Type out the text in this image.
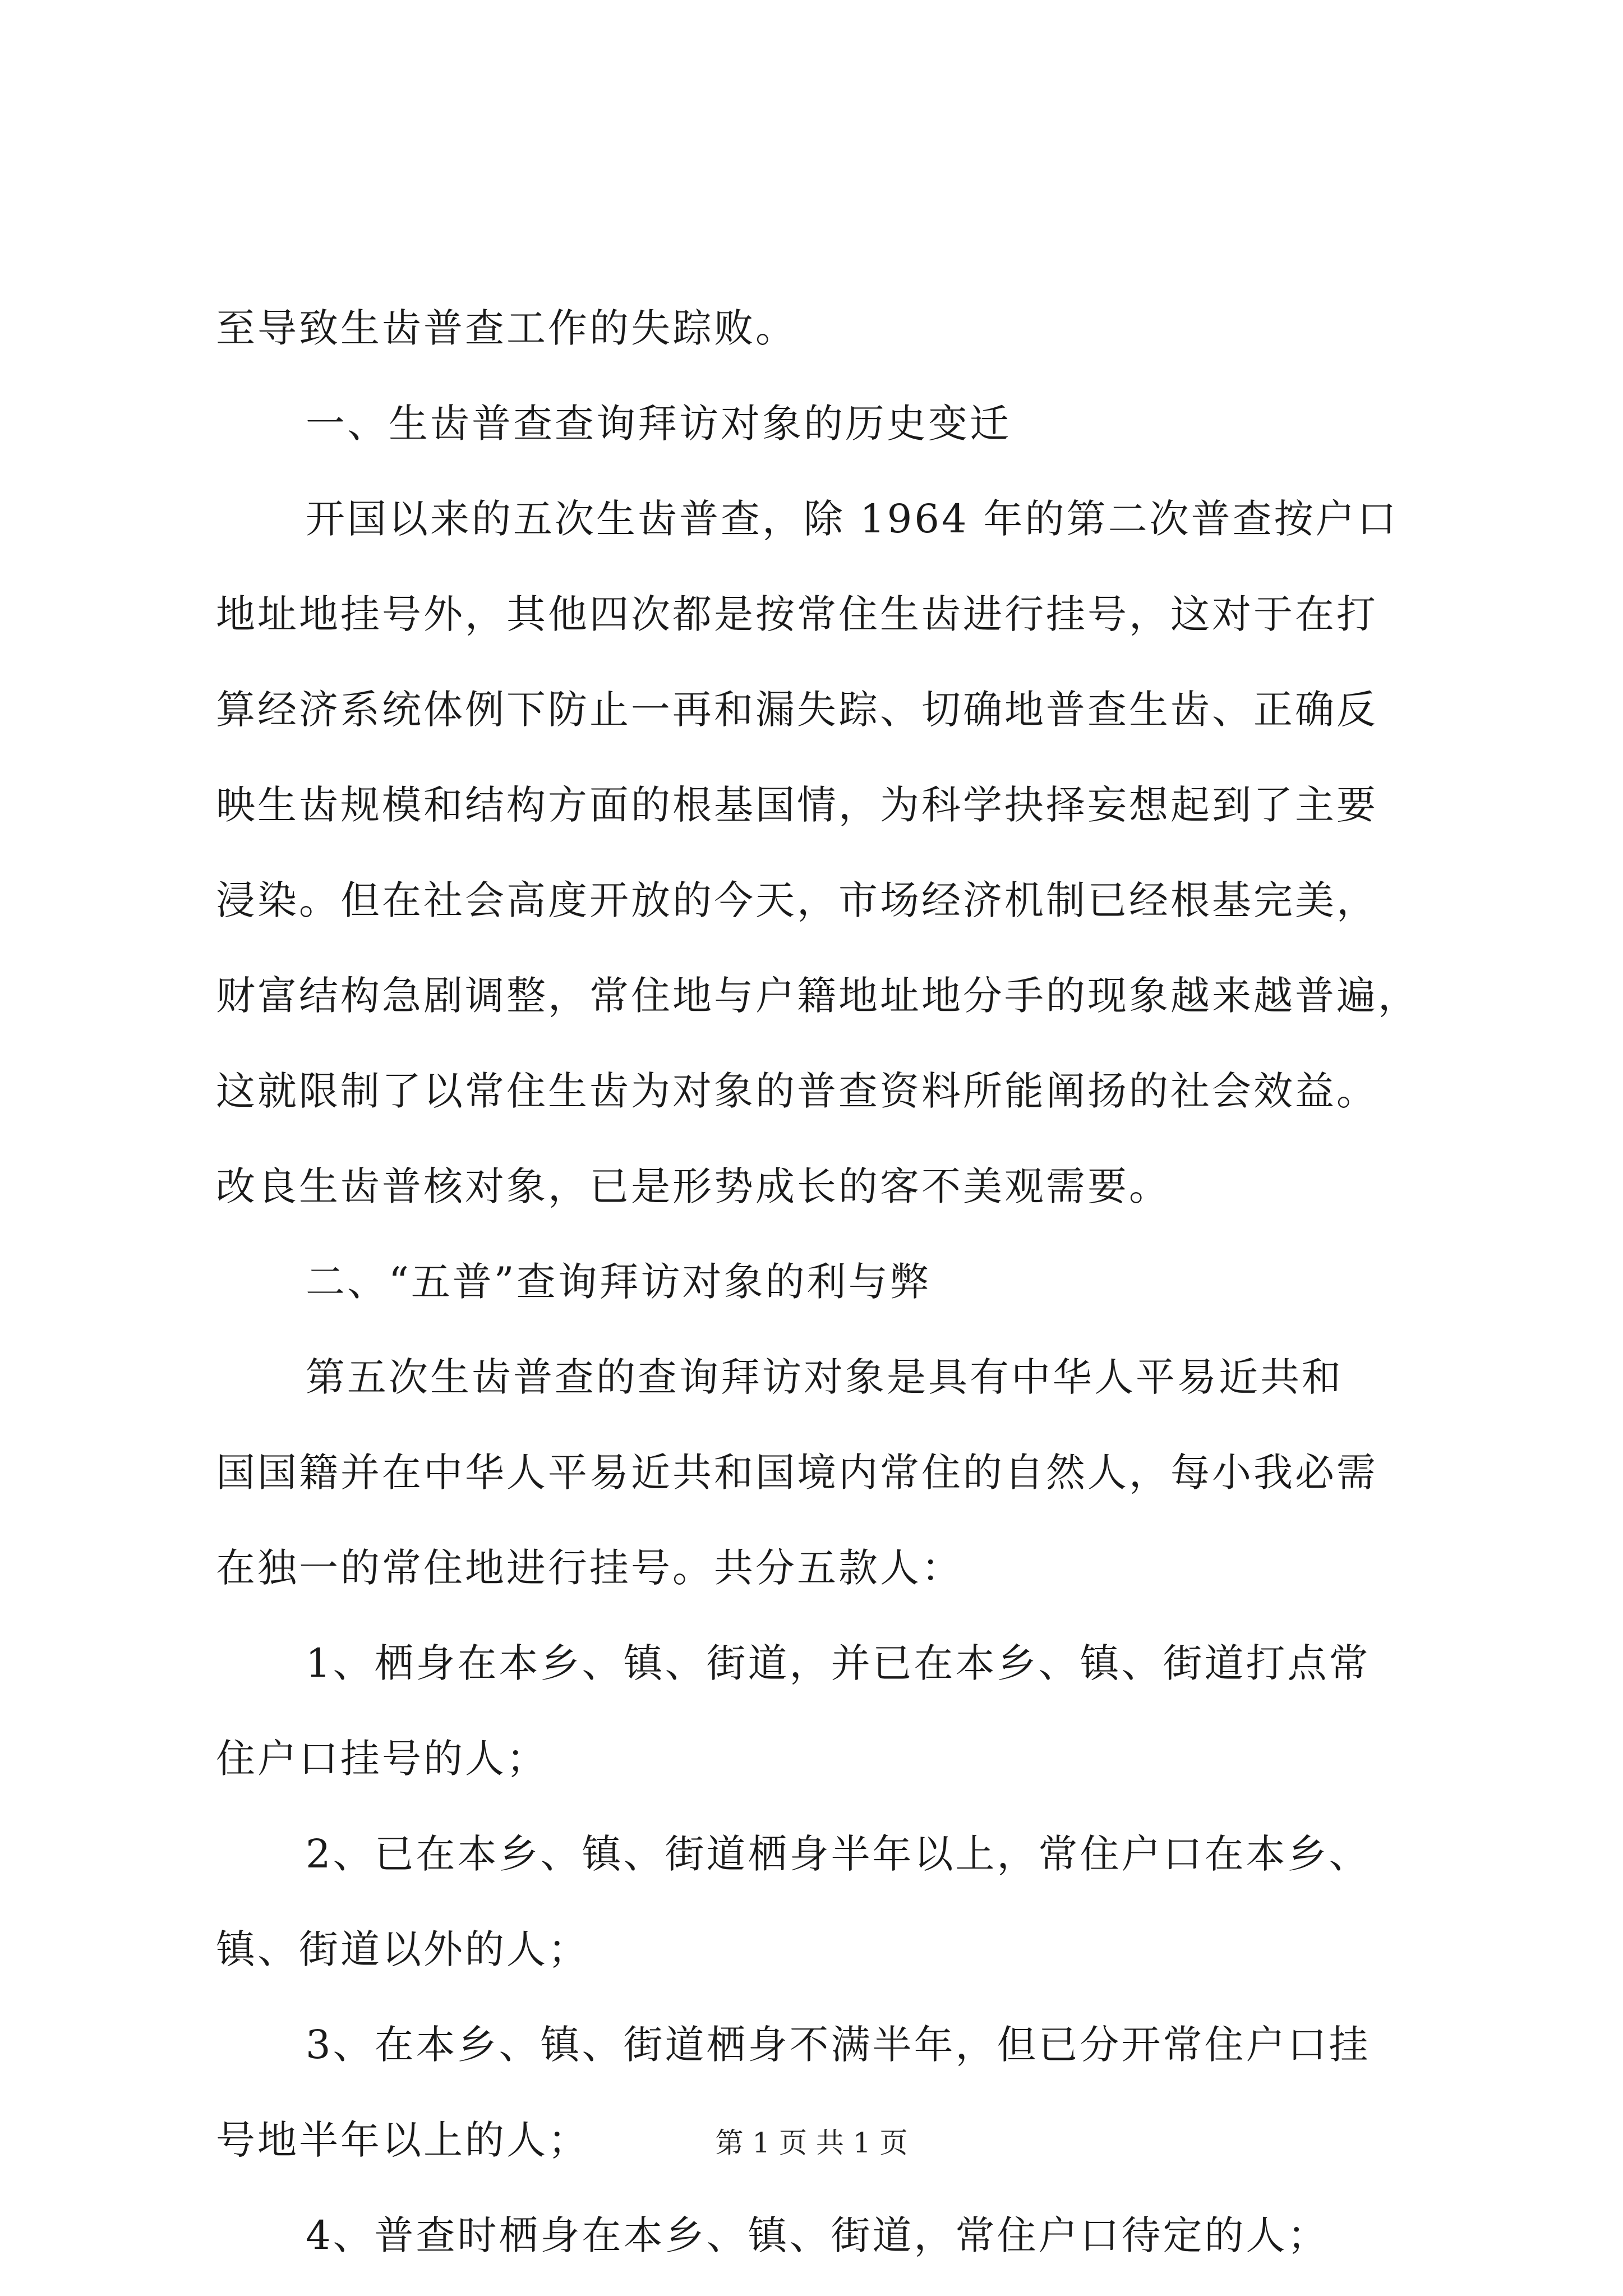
至导致生齿普查工作的失踪败。
一、生齿普查查询拜访对象的历史变迁
开国以来的五次生齿普查，除 1964 年的第二次普查按户口
地址地挂号外，其他四次都是按常住生齿进行挂号，这对于在打
算经济系统体例下防止一再和漏失踪、切确地普查生齿、正确反
映生齿规模和结构方面的根基国情，为科学抉择妄想起到了主要
浸染。但在社会高度开放的今天，市场经济机制已经根基完美，
财富结构急剧调整，常住地与户籍地址地分手的现象越来越普遍，
这就限制了以常住生齿为对象的普查资料所能阐扬的社会效益。
改良生齿普核对象，已是形势成长的客不美观需要。
二、“五普”查询拜访对象的利与弊
第五次生齿普查的查询拜访对象是具有中华人平易近共和
国国籍并在中华人平易近共和国境内常住的自然人，每小我必需
在独一的常住地进行挂号。共分五款人：
1、栖身在本乡、镇、街道，并已在本乡、镇、街道打点常
住户口挂号的人；
2、已在本乡、镇、街道栖身半年以上，常住户口在本乡、
镇、街道以外的人；
3、在本乡、镇、街道栖身不满半年，但已分开常住户口挂
号地半年以上的人；
4、普查时栖身在本乡、镇、街道，常住户口待定的人；
第 1 页 共 1 页
